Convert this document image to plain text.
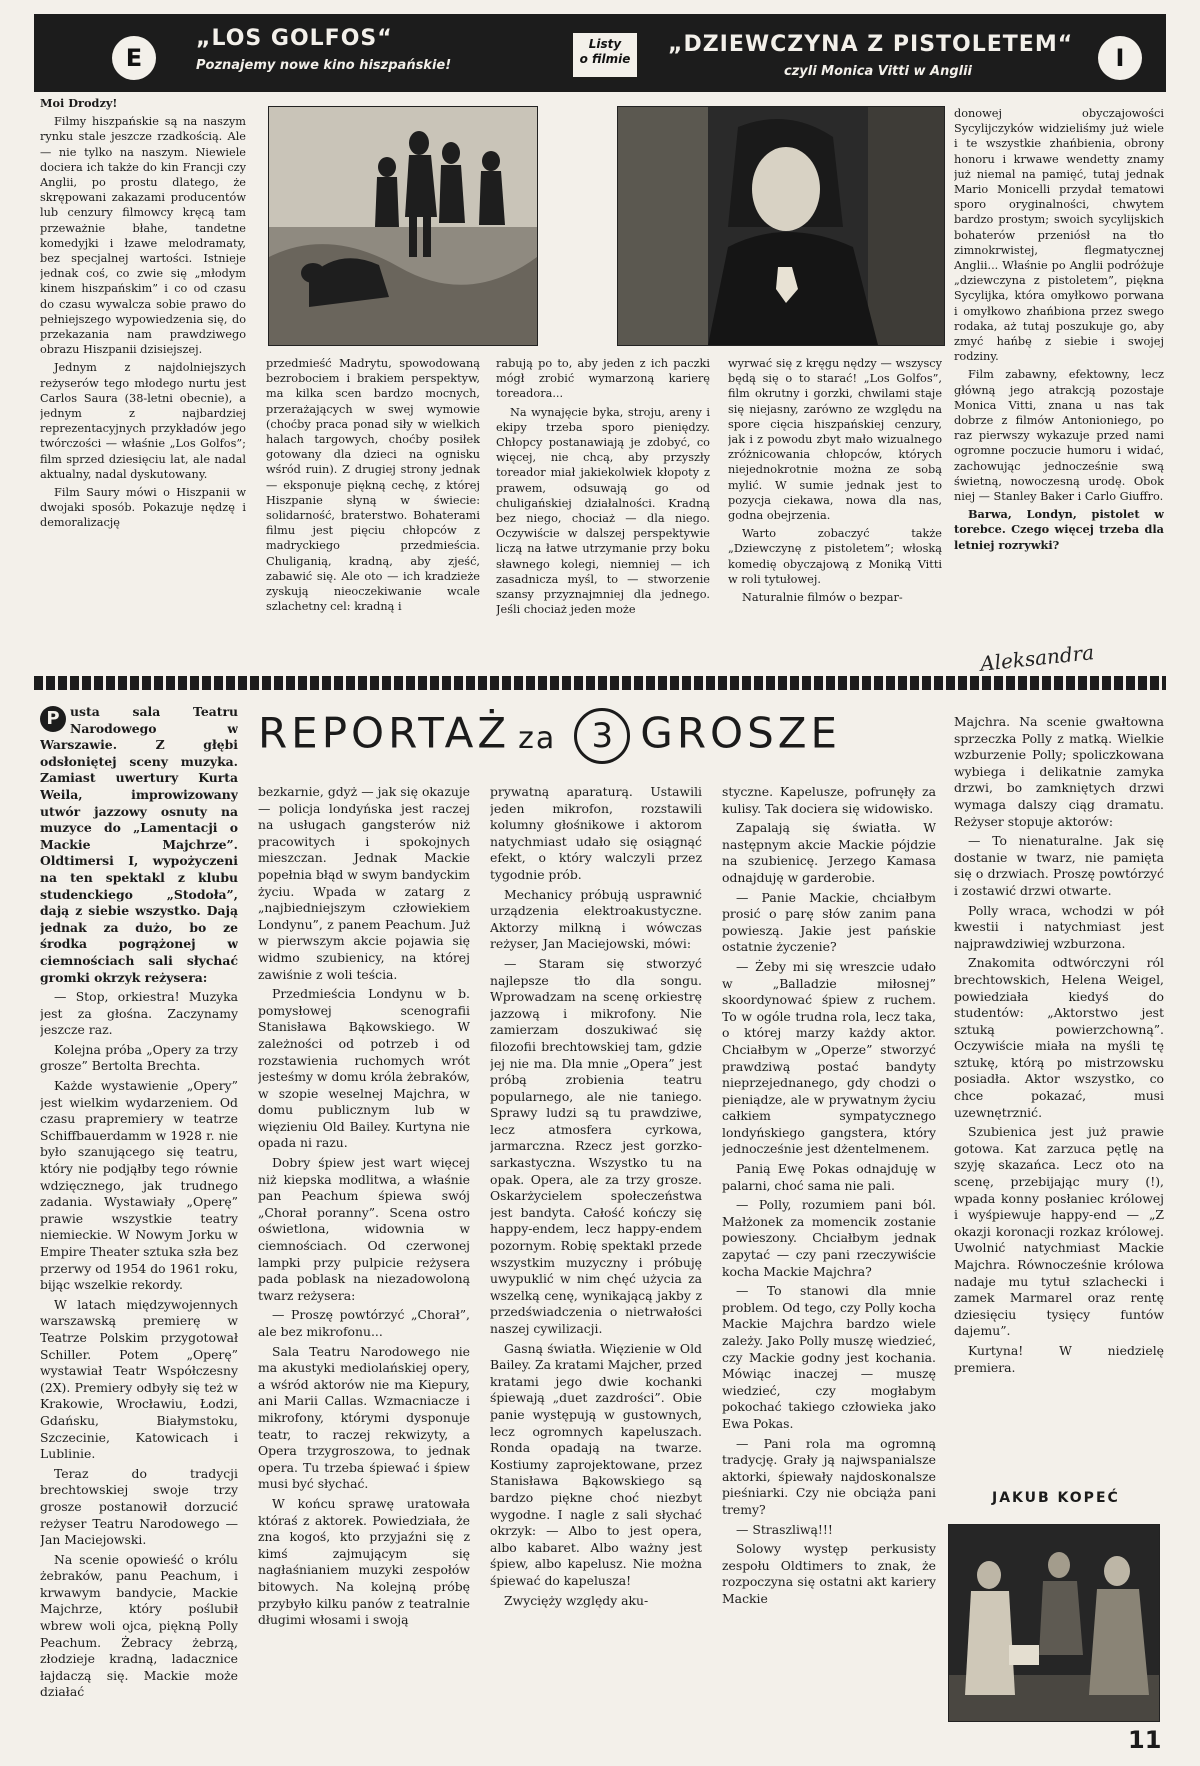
E
„LOS GOLFOS“
Poznajemy nowe kino hiszpańskie!
Listy
o filmie
„DZIEWCZYNA Z PISTOLETEM“
czyli Monica Vitti w Anglii	I

Moi Drodzy!

Filmy hiszpańskie są na naszym rynku stale jeszcze rzadkością. Ale — nie tylko na naszym. Niewiele dociera ich także do kin Francji czy Anglii, po prostu dlatego, że skrępowani zakazami producentów lub cenzury filmowcy kręcą tam przeważnie błahe, tandetne komedyjki i łzawe melodramaty, bez specjalnej wartości. Istnieje jednak coś, co zwie się „młodym kinem hiszpańskim” i co od czasu do czasu wywalcza sobie prawo do pełniejszego wypowiedzenia się, do przekazania nam prawdziwego obrazu Hiszpanii dzisiejszej.

Jednym z najdolniejszych reżyserów tego młodego nurtu jest Carlos Saura (38-letni obecnie), a jednym z najbardziej reprezentacyjnych przykładów jego twórczości — właśnie „Los Golfos”; film sprzed dziesięciu lat, ale nadal aktualny, nadal dyskutowany.

Film Saury mówi o Hiszpanii w dwojaki sposób. Pokazuje nędzę i demoralizację

przedmieść Madrytu, spowodowaną bezrobociem i brakiem perspektyw, ma kilka scen bardzo mocnych, przerażających w swej wymowie (choćby praca ponad siły w wielkich halach targowych, choćby posiłek gotowany dla dzieci na ognisku wśród ruin). Z drugiej strony jednak — eksponuje piękną cechę, z której Hiszpanie słyną w świecie: solidarność, braterstwo. Bohaterami filmu jest pięciu chłopców z madryckiego przedmieścia. Chuliganią, kradną, aby zjeść, zabawić się. Ale oto — ich kradzieże zyskują nieoczekiwanie wcale szlachetny cel: kradną i

rabują po to, aby jeden z ich paczki mógł zrobić wymarzoną karierę toreadora...

Na wynajęcie byka, stroju, areny i ekipy trzeba sporo pieniędzy. Chłopcy postanawiają je zdobyć, co więcej, nie chcą, aby przyszły toreador miał jakiekolwiek kłopoty z prawem, odsuwają go od chuligańskiej działalności. Kradną bez niego, chociaż — dla niego. Oczywiście w dalszej perspektywie liczą na łatwe utrzymanie przy boku sławnego kolegi, niemniej — ich zasadnicza myśl, to — stworzenie szansy przyznajmniej dla jednego. Jeśli chociaż jeden może

wyrwać się z kręgu nędzy — wszyscy będą się o to starać! „Los Golfos”, film okrutny i gorzki, chwilami staje się niejasny, zarówno ze względu na spore cięcia hiszpańskiej cenzury, jak i z powodu zbyt mało wizualnego zróżnicowania chłopców, których niejednokrotnie można ze sobą mylić. W sumie jednak jest to pozycja ciekawa, nowa dla nas, godna obejrzenia.

Warto zobaczyć także „Dziewczynę z pistoletem”; włoską komedię obyczajową z Moniką Vitti w roli tytułowej.

Naturalnie filmów o bezpar-

donowej obyczajowości Sycylijczyków widzieliśmy już wiele i te wszystkie zhańbienia, obrony honoru i krwawe wendetty znamy już niemal na pamięć, tutaj jednak Mario Monicelli przydał tematowi sporo oryginalności, chwytem bardzo prostym; swoich sycylijskich bohaterów przeniósł na tło zimnokrwistej, flegmatycznej Anglii... Właśnie po Anglii podróżuje „dziewczyna z pistoletem”, piękna Sycylijka, która omyłkowo porwana i omyłkowo zhańbiona przez swego rodaka, aż tutaj poszukuje go, aby zmyć hańbę z siebie i swojej rodziny.

Film zabawny, efektowny, lecz główną jego atrakcją pozostaje Monica Vitti, znana u nas tak dobrze z filmów Antonioniego, po raz pierwszy wykazuje przed nami ogromne poczucie humoru i widać, zachowując jednocześnie swą świetną, nowoczesną urodę. Obok niej — Stanley Baker i Carlo Giuffro.

Barwa, Londyn, pistolet w torebce. Czego więcej trzeba dla letniej rozrywki?

Aleksandra
REPORTAŻ za 3 GROSZE

P usta sala Teatru Narodowego w Warszawie. Z głębi odsłoniętej sceny muzyka. Zamiast uwertury Kurta Weila, improwizowany utwór jazzowy osnuty na muzyce do „Lamentacji o Mackie Majchrze”. Oldtimersi I, wypożyczeni na ten spektakl z klubu studenckiego „Stodoła”, dają z siebie wszystko. Dają jednak za dużo, bo ze środka pogrążonej w ciemnościach sali słychać gromki okrzyk reżysera:

— Stop, orkiestra! Muzyka jest za głośna. Zaczynamy jeszcze raz.

Kolejna próba „Opery za trzy grosze” Bertolta Brechta.

Każde wystawienie „Opery” jest wielkim wydarzeniem. Od czasu prapremiery w teatrze Schiffbauerdamm w 1928 r. nie było szanującego się teatru, który nie podjąłby tego równie wdzięcznego, jak trudnego zadania. Wystawiały „Operę” prawie wszystkie teatry niemieckie. W Nowym Jorku w Empire Theater sztuka szła bez przerwy od 1954 do 1961 roku, bijąc wszelkie rekordy.

W latach międzywojennych warszawską premierę w Teatrze Polskim przygotował Schiller. Potem „Operę” wystawiał Teatr Współczesny (2X). Premiery odbyły się też w Krakowie, Wrocławiu, Łodzi, Gdańsku, Białymstoku, Szczecinie, Katowicach i Lublinie.

Teraz do tradycji brechtowskiej swoje trzy grosze postanowił dorzucić reżyser Teatru Narodowego — Jan Maciejowski.

Na scenie opowieść o królu żebraków, panu Peachum, i krwawym bandycie, Mackie Majchrze, który poślubił wbrew woli ojca, piękną Polly Peachum. Żebracy żebrzą, złodzieje kradną, ladacznice łajdaczą się. Mackie może działać

bezkarnie, gdyż — jak się okazuje — policja londyńska jest raczej na usługach gangsterów niż pracowitych i spokojnych mieszczan. Jednak Mackie popełnia błąd w swym bandyckim życiu. Wpada w zatarg z „najbiedniejszym człowiekiem Londynu”, z panem Peachum. Już w pierwszym akcie pojawia się widmo szubienicy, na której zawiśnie z woli teścia.

Przedmieścia Londynu w b. pomysłowej scenografii Stanisława Bąkowskiego. W zależności od potrzeb i od rozstawienia ruchomych wrót jesteśmy w domu króla żebraków, w szopie weselnej Majchra, w domu publicznym lub w więzieniu Old Bailey. Kurtyna nie opada ni razu.

Dobry śpiew jest wart więcej niż kiepska modlitwa, a właśnie pan Peachum śpiewa swój „Chorał poranny”. Scena ostro oświetlona, widownia w ciemnościach. Od czerwonej lampki przy pulpicie reżysera pada poblask na niezadowoloną twarz reżysera:

— Proszę powtórzyć „Chorał”, ale bez mikrofonu...

Sala Teatru Narodowego nie ma akustyki mediolańskiej opery, a wśród aktorów nie ma Kiepury, ani Marii Callas. Wzmacniacze i mikrofony, którymi dysponuje teatr, to raczej rekwizyty, a Opera trzygroszowa, to jednak opera. Tu trzeba śpiewać i śpiew musi być słychać.

W końcu sprawę uratowała któraś z aktorek. Powiedziała, że zna kogoś, kto przyjaźni się z kimś zajmującym się nagłaśnianiem muzyki zespołów bitowych. Na kolejną próbę przybyło kilku panów z teatralnie długimi włosami i swoją

prywatną aparaturą. Ustawili jeden mikrofon, rozstawili kolumny głośnikowe i aktorom natychmiast udało się osiągnąć efekt, o który walczyli przez tygodnie prób.

Mechanicy próbują usprawnić urządzenia elektroakustyczne. Aktorzy milkną i wówczas reżyser, Jan Maciejowski, mówi:

— Staram się stworzyć najlepsze tło dla songu. Wprowadzam na scenę orkiestrę jazzową i mikrofony. Nie zamierzam doszukiwać się filozofii brechtowskiej tam, gdzie jej nie ma. Dla mnie „Opera” jest próbą zrobienia teatru popularnego, ale nie taniego. Sprawy ludzi są tu prawdziwe, lecz atmosfera cyrkowa, jarmarczna. Rzecz jest gorzko-sarkastyczna. Wszystko tu na opak. Opera, ale za trzy grosze. Oskarżycielem społeczeństwa jest bandyta. Całość kończy się happy-endem, lecz happy-endem pozornym. Robię spektakl przede wszystkim muzyczny i próbuję uwypuklić w nim chęć użycia za wszelką cenę, wynikającą jakby z przedświadczenia o nietrwałości naszej cywilizacji.

Gasną światła. Więzienie w Old Bailey. Za kratami Majcher, przed kratami jego dwie kochanki śpiewają „duet zazdrości”. Obie panie występują w gustownych, lecz ogromnych kapeluszach. Ronda opadają na twarze. Kostiumy zaprojektowane, przez Stanisława Bąkowskiego są bardzo piękne choć niezbyt wygodne. I nagle z sali słychać okrzyk: — Albo to jest opera, albo kabaret. Albo ważny jest śpiew, albo kapelusz. Nie można śpiewać do kapelusza!

Zwycięży względy aku-

styczne. Kapelusze, pofrunęły za kulisy. Tak dociera się widowisko.

Zapalają się światła. W następnym akcie Mackie pójdzie na szubienicę. Jerzego Kamasa odnajduję w garderobie.

— Panie Mackie, chciałbym prosić o parę słów zanim pana powieszą. Jakie jest pańskie ostatnie życzenie?

— Żeby mi się wreszcie udało w „Balladzie miłosnej” skoordynować śpiew z ruchem. To w ogóle trudna rola, lecz taka, o której marzy każdy aktor. Chciałbym w „Operze” stworzyć prawdziwą postać bandyty nieprzejednanego, gdy chodzi o pieniądze, ale w prywatnym życiu całkiem sympatycznego londyńskiego gangstera, który jednocześnie jest dżentelmenem.

Panią Ewę Pokas odnajduję w palarni, choć sama nie pali.

— Polly, rozumiem pani ból. Małżonek za momencik zostanie powieszony. Chciałbym jednak zapytać — czy pani rzeczywiście kocha Mackie Majchra?

— To stanowi dla mnie problem. Od tego, czy Polly kocha Mackie Majchra bardzo wiele zależy. Jako Polly muszę wiedzieć, czy Mackie godny jest kochania. Mówiąc inaczej — muszę wiedzieć, czy mogłabym pokochać takiego człowieka jako Ewa Pokas.

— Pani rola ma ogromną tradycję. Grały ją najwspanialsze aktorki, śpiewały najdoskonalsze pieśniarki. Czy nie obciąża pani tremy?

— Straszliwą!!!

Solowy występ perkusisty zespołu Oldtimers to znak, że rozpoczyna się ostatni akt kariery Mackie

Majchra. Na scenie gwałtowna sprzeczka Polly z matką. Wielkie wzburzenie Polly; spoliczkowana wybiega i delikatnie zamyka drzwi, bo zamkniętych drzwi wymaga dalszy ciąg dramatu. Reżyser stopuje aktorów:

— To nienaturalne. Jak się dostanie w twarz, nie pamięta się o drzwiach. Proszę powtórzyć i zostawić drzwi otwarte.

Polly wraca, wchodzi w pół kwestii i natychmiast jest najprawdziwiej wzburzona.

Znakomita odtwórczyni ról brechtowskich, Helena Weigel, powiedziała kiedyś do studentów: „Aktorstwo jest sztuką powierzchowną”. Oczywiście miała na myśli tę sztukę, którą po mistrzowsku posiadła. Aktor wszystko, co chce pokazać, musi uzewnętrznić.

Szubienica jest już prawie gotowa. Kat zarzuca pętlę na szyję skazańca. Lecz oto na scenę, przebijając mury (!), wpada konny posłaniec królowej i wyśpiewuje happy-end — „Z okazji koronacji rozkaz królowej. Uwolnić natychmiast Mackie Majchra. Równocześnie królowa nadaje mu tytuł szlachecki i zamek Marmarel oraz rentę dziesięciu tysięcy funtów dajemu”.

Kurtyna! W niedzielę premiera.

JAKUB KOPEĆ
11
